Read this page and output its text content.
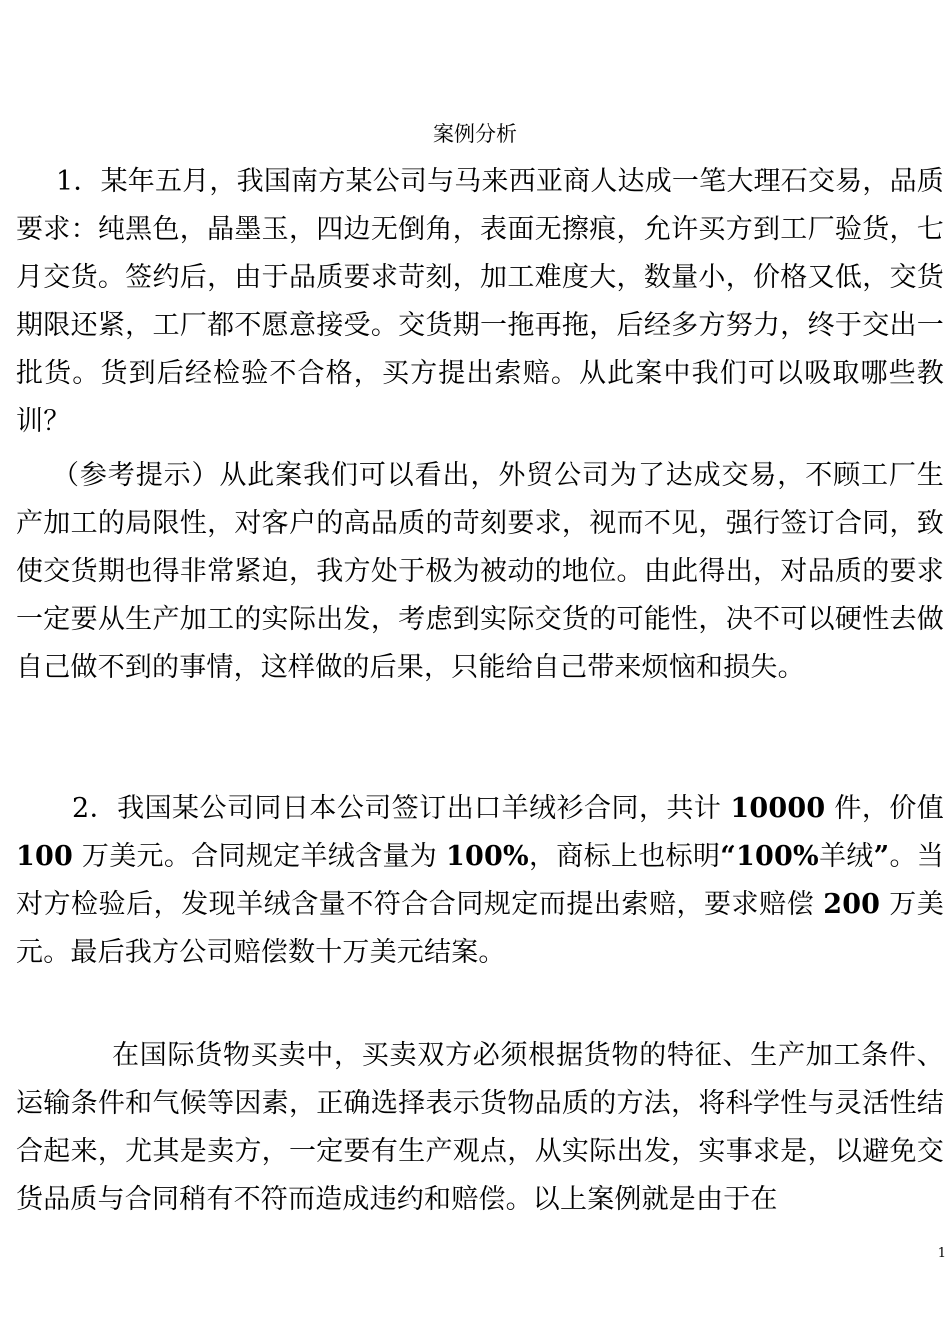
案例分析

1．某年五月，我国南方某公司与马来西亚商人达成一笔大理石交易，品质要求：纯黑色，晶墨玉，四边无倒角，表面无擦痕，允许买方到工厂验货，七月交货。签约后，由于品质要求苛刻，加工难度大，数量小，价格又低，交货期限还紧，工厂都不愿意接受。交货期一拖再拖，后经多方努力，终于交出一批货。货到后经检验不合格，买方提出索赔。从此案中我们可以吸取哪些教训？

（参考提示）从此案我们可以看出，外贸公司为了达成交易，不顾工厂生产加工的局限性，对客户的高品质的苛刻要求，视而不见，强行签订合同，致使交货期也得非常紧迫，我方处于极为被动的地位。由此得出，对品质的要求一定要从生产加工的实际出发，考虑到实际交货的可能性，决不可以硬性去做自己做不到的事情，这样做的后果，只能给自己带来烦恼和损失。

2．我国某公司同日本公司签订出口羊绒衫合同，共计 10000 件，价值 100 万美元。合同规定羊绒含量为 100%，商标上也标明“100%羊绒”。当对方检验后，发现羊绒含量不符合合同规定而提出索赔，要求赔偿 200 万美元。最后我方公司赔偿数十万美元结案。

在国际货物买卖中，买卖双方必须根据货物的特征、生产加工条件、运输条件和气候等因素，正确选择表示货物品质的方法，将科学性与灵活性结合起来，尤其是卖方，一定要有生产观点，从实际出发，实事求是，以避免交货品质与合同稍有不符而造成违约和赔偿。以上案例就是由于在

1
